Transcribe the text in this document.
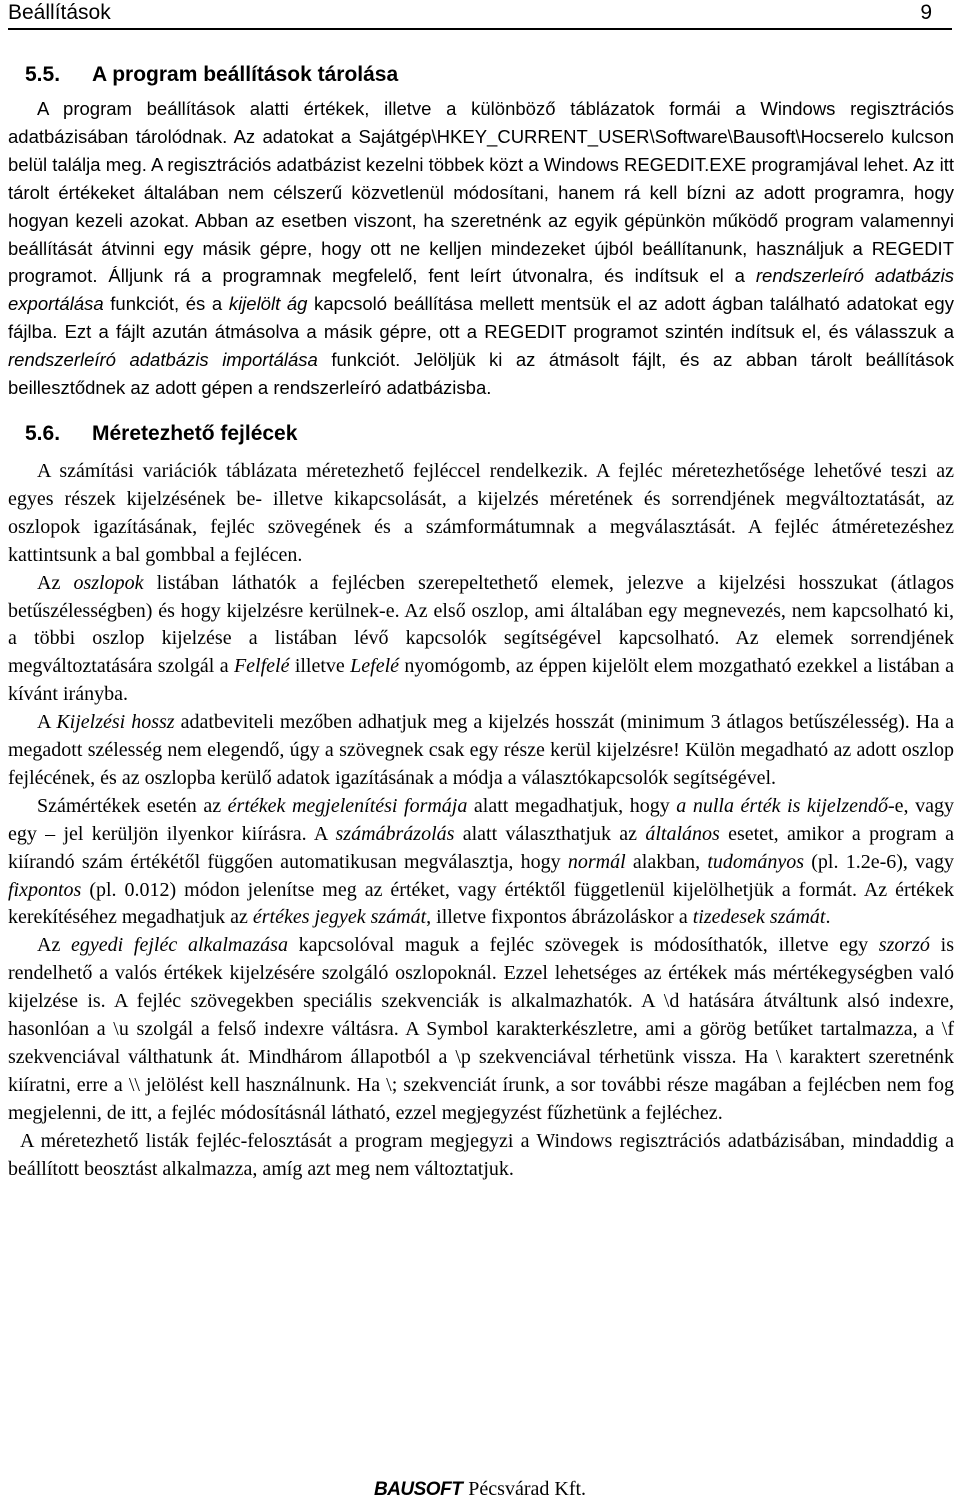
Beállítások	9
5.5. A program beállítások tárolása

A program beállítások alatti értékek, illetve a különböző táblázatok formái a Windows regisztrációs adatbázisában tárolódnak. Az adatokat a Sajátgép\HKEY_CURRENT_USER\Software\Bausoft\Hocserelo kulcson belül találja meg. A regisztrációs adatbázist kezelni többek közt a Windows REGEDIT.EXE programjával lehet. Az itt tárolt értékeket általában nem célszerű közvetlenül módosítani, hanem rá kell bízni az adott programra, hogy hogyan kezeli azokat. Abban az esetben viszont, ha szeretnénk az egyik gépünkön működő program valamennyi beállítását átvinni egy másik gépre, hogy ott ne kelljen mindezeket újból beállítanunk, használjuk a REGEDIT programot. Álljunk rá a programnak megfelelő, fent leírt útvonalra, és indítsuk el a rendszerleíró adatbázis exportálása funkciót, és a kijelölt ág kapcsoló beállítása mellett mentsük el az adott ágban található adatokat egy fájlba. Ezt a fájlt azután átmásolva a másik gépre, ott a REGEDIT programot szintén indítsuk el, és válasszuk a rendszerleíró adatbázis importálása funkciót. Jelöljük ki az átmásolt fájlt, és az abban tárolt beállítások beillesztődnek az adott gépen a rendszerleíró adatbázisba.

5.6. Méretezhető fejlécek

A számítási variációk táblázata méretezhető fejléccel rendelkezik. A fejléc méretezhetősége lehetővé teszi az egyes részek kijelzésének be- illetve kikapcsolását, a kijelzés méretének és sorrendjének megváltoztatását, az oszlopok igazításának, fejléc szövegének és a számformátumnak a megválasztását. A fejléc átméretezéshez kattintsunk a bal gombbal a fejlécen.

Az oszlopok listában láthatók a fejlécben szerepeltethető elemek, jelezve a kijelzési hosszukat (átlagos betűszélességben) és hogy kijelzésre kerülnek-e. Az első oszlop, ami általában egy megnevezés, nem kapcsolható ki, a többi oszlop kijelzése a listában lévő kapcsolók segítségével kapcsolható. Az elemek sorrendjének megváltoztatására szolgál a Felfelé illetve Lefelé nyomógomb, az éppen kijelölt elem mozgatható ezekkel a listában a kívánt irányba.

A Kijelzési hossz adatbeviteli mezőben adhatjuk meg a kijelzés hosszát (minimum 3 átlagos betűszélesség). Ha a megadott szélesség nem elegendő, úgy a szövegnek csak egy része kerül kijelzésre! Külön megadható az adott oszlop fejlécének, és az oszlopba kerülő adatok igazításának a módja a választókapcsolók segítségével.

Számértékek esetén az értékek megjelenítési formája alatt megadhatjuk, hogy a nulla érték is kijelzendő-e, vagy egy – jel kerüljön ilyenkor kiírásra. A számábrázolás alatt választhatjuk az általános esetet, amikor a program a kiírandó szám értékétől függően automatikusan megválasztja, hogy normál alakban, tudományos (pl. 1.2e-6), vagy fixpontos (pl. 0.012) módon jelenítse meg az értéket, vagy értéktől függetlenül kijelölhetjük a formát. Az értékek kerekítéséhez megadhatjuk az értékes jegyek számát, illetve fixpontos ábrázoláskor a tizedesek számát.

Az egyedi fejléc alkalmazása kapcsolóval maguk a fejléc szövegek is módosíthatók, illetve egy szorzó is rendelhető a valós értékek kijelzésére szolgáló oszlopoknál. Ezzel lehetséges az értékek más mértékegységben való kijelzése is. A fejléc szövegekben speciális szekvenciák is alkalmazhatók. A \d hatására átváltunk alsó indexre, hasonlóan a \u szolgál a felső indexre váltásra. A Symbol karakterkészletre, ami a görög betűket tartalmazza, a \f szekvenciával válthatunk át. Mindhárom állapotból a \p szekvenciával térhetünk vissza. Ha \ karaktert szeretnénk kiíratni, erre a \\ jelölést kell használnunk. Ha \; szekvenciát írunk, a sor további része magában a fejlécben nem fog megjelenni, de itt, a fejléc módosításnál látható, ezzel megjegyzést fűzhetünk a fejléchez.

A méretezhető listák fejléc-felosztását a program megjegyzi a Windows regisztrációs adatbázisában, mindaddig a beállított beosztást alkalmazza, amíg azt meg nem változtatjuk.

BAUSOFT Pécsvárad Kft.
